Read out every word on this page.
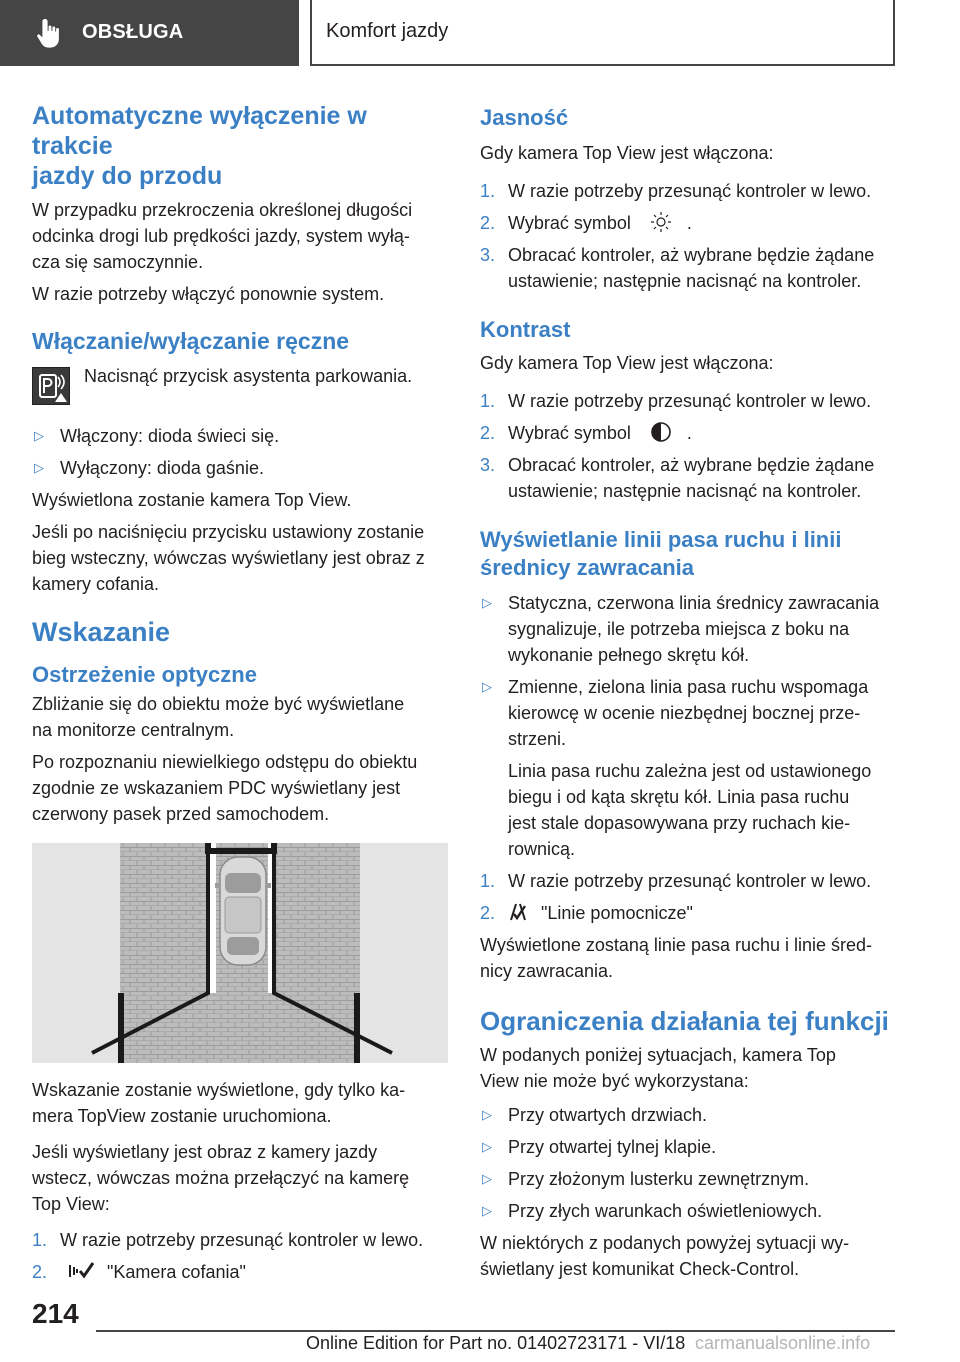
OBSŁUGA	Komfort jazdy
Automatyczne wyłączenie w trakcie
jazdy do przodu

W przypadku przekroczenia określonej długości
odcinka drogi lub prędkości jazdy, system wyłą‐
cza się samoczynnie.

W razie potrzeby włączyć ponownie system.

Włączanie/wyłączanie ręczne

Nacisnąć przycisk asystenta parkowania.

▷ Włączony: dioda świeci się.
▷ Wyłączony: dioda gaśnie.

Wyświetlona zostanie kamera Top View.

Jeśli po naciśnięciu przycisku ustawiony zostanie
bieg wsteczny, wówczas wyświetlany jest obraz z
kamery cofania.

Wskazanie
Ostrzeżenie optyczne

Zbliżanie się do obiektu może być wyświetlane
na monitorze centralnym.

Po rozpoznaniu niewielkiego odstępu do obiektu
zgodnie ze wskazaniem PDC wyświetlany jest
czerwony pasek przed samochodem.

Wskazanie zostanie wyświetlone, gdy tylko ka‐
mera TopView zostanie uruchomiona.

Jeśli wyświetlany jest obraz z kamery jazdy
wstecz, wówczas można przełączyć na kamerę
Top View:

1. W razie potrzeby przesunąć kontroler w lewo.
2.	"Kamera cofania"
Jasność

Gdy kamera Top View jest włączona:

1. W razie potrzeby przesunąć kontroler w lewo.
2. Wybrać symbol	.
3. Obracać kontroler, aż wybrane będzie żądane
ustawienie; następnie nacisnąć na kontroler.
Kontrast

Gdy kamera Top View jest włączona:

1. W razie potrzeby przesunąć kontroler w lewo.
2. Wybrać symbol	.
3. Obracać kontroler, aż wybrane będzie żądane
ustawienie; następnie nacisnąć na kontroler.
Wyświetlanie linii pasa ruchu i linii
średnicy zawracania
▷ Statyczna, czerwona linia średnicy zawracania
sygnalizuje, ile potrzeba miejsca z boku na
wykonanie pełnego skrętu kół.
▷ Zmienne, zielona linia pasa ruchu wspomaga
kierowcę w ocenie niezbędnej bocznej prze‐
strzeni.
Linia pasa ruchu zależna jest od ustawionego
biegu i od kąta skrętu kół. Linia pasa ruchu
jest stale dopasowywana przy ruchach kie‐
rownicą.
1. W razie potrzeby przesunąć kontroler w lewo.
2.	"Linie pomocnicze"

Wyświetlone zostaną linie pasa ruchu i linie śred‐
nicy zawracania.

Ograniczenia działania tej funkcji

W podanych poniżej sytuacjach, kamera Top
View nie może być wykorzystana:

▷ Przy otwartych drzwiach.
▷ Przy otwartej tylnej klapie.
▷ Przy złożonym lusterku zewnętrznym.
▷ Przy złych warunkach oświetleniowych.

W niektórych z podanych powyżej sytuacji wy‐
świetlany jest komunikat Check-Control.

214
Online Edition for Part no. 01402723171 - VI/18 carmanualsonline.info
